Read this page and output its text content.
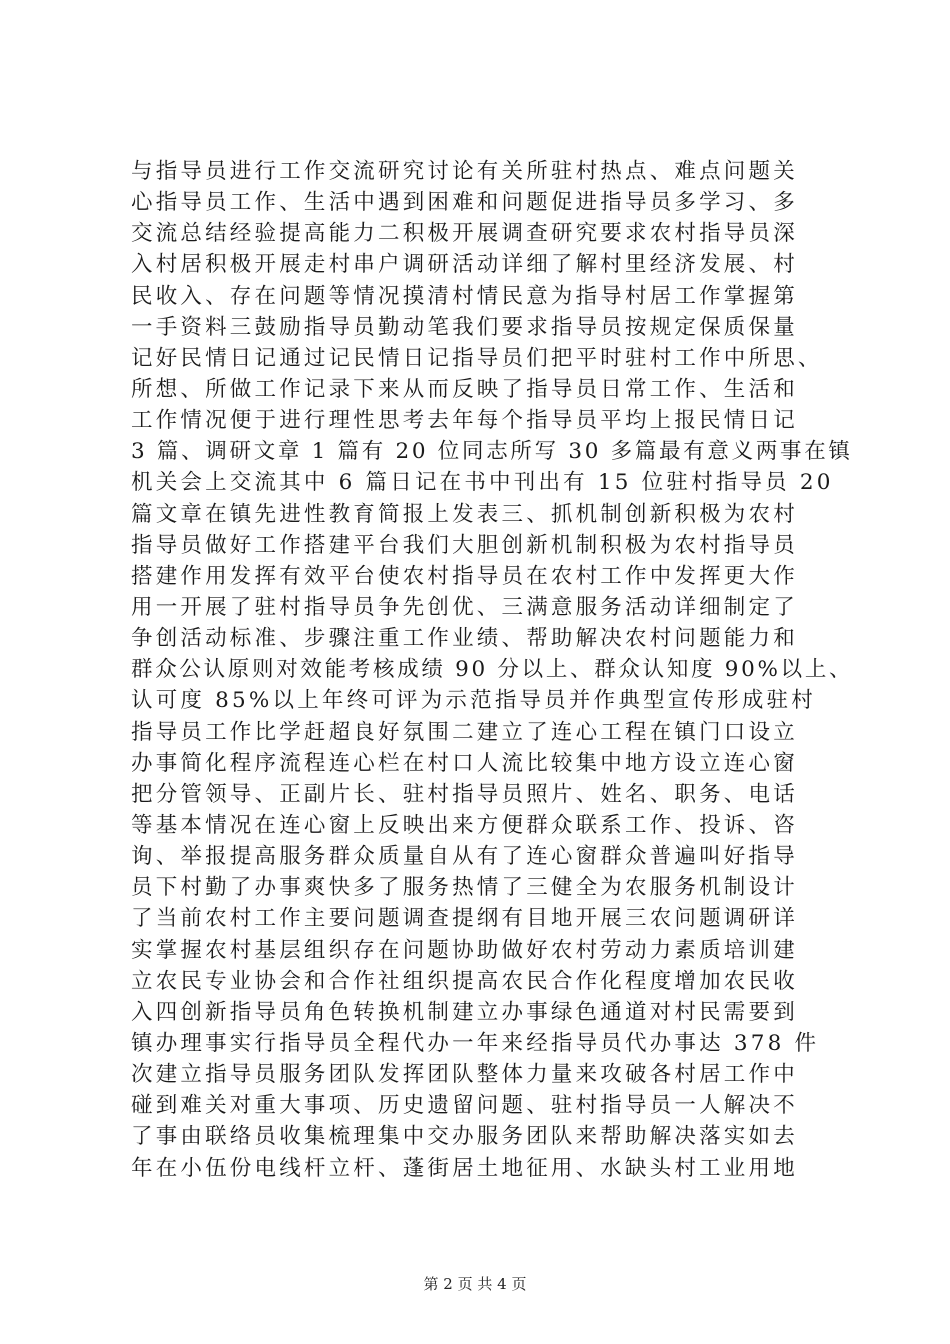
与指导员进行工作交流研究讨论有关所驻村热点、难点问题关
心指导员工作、生活中遇到困难和问题促进指导员多学习、多
交流总结经验提高能力二积极开展调查研究要求农村指导员深
入村居积极开展走村串户调研活动详细了解村里经济发展、村
民收入、存在问题等情况摸清村情民意为指导村居工作掌握第
一手资料三鼓励指导员勤动笔我们要求指导员按规定保质保量
记好民情日记通过记民情日记指导员们把平时驻村工作中所思、
所想、所做工作记录下来从而反映了指导员日常工作、生活和
工作情况便于进行理性思考去年每个指导员平均上报民情日记
3 篇、调研文章 1 篇有 20 位同志所写 30 多篇最有意义两事在镇
机关会上交流其中 6 篇日记在书中刊出有 15 位驻村指导员 20
篇文章在镇先进性教育简报上发表三、抓机制创新积极为农村
指导员做好工作搭建平台我们大胆创新机制积极为农村指导员
搭建作用发挥有效平台使农村指导员在农村工作中发挥更大作
用一开展了驻村指导员争先创优、三满意服务活动详细制定了
争创活动标准、步骤注重工作业绩、帮助解决农村问题能力和
群众公认原则对效能考核成绩 90 分以上、群众认知度 90%以上、
认可度 85%以上年终可评为示范指导员并作典型宣传形成驻村
指导员工作比学赶超良好氛围二建立了连心工程在镇门口设立
办事简化程序流程连心栏在村口人流比较集中地方设立连心窗
把分管领导、正副片长、驻村指导员照片、姓名、职务、电话
等基本情况在连心窗上反映出来方便群众联系工作、投诉、咨
询、举报提高服务群众质量自从有了连心窗群众普遍叫好指导
员下村勤了办事爽快多了服务热情了三健全为农服务机制设计
了当前农村工作主要问题调查提纲有目地开展三农问题调研详
实掌握农村基层组织存在问题协助做好农村劳动力素质培训建
立农民专业协会和合作社组织提高农民合作化程度增加农民收
入四创新指导员角色转换机制建立办事绿色通道对村民需要到
镇办理事实行指导员全程代办一年来经指导员代办事达 378 件
次建立指导员服务团队发挥团队整体力量来攻破各村居工作中
碰到难关对重大事项、历史遗留问题、驻村指导员一人解决不
了事由联络员收集梳理集中交办服务团队来帮助解决落实如去
年在小伍份电线杆立杆、蓬街居土地征用、水缺头村工业用地
第 2 页 共 4 页
